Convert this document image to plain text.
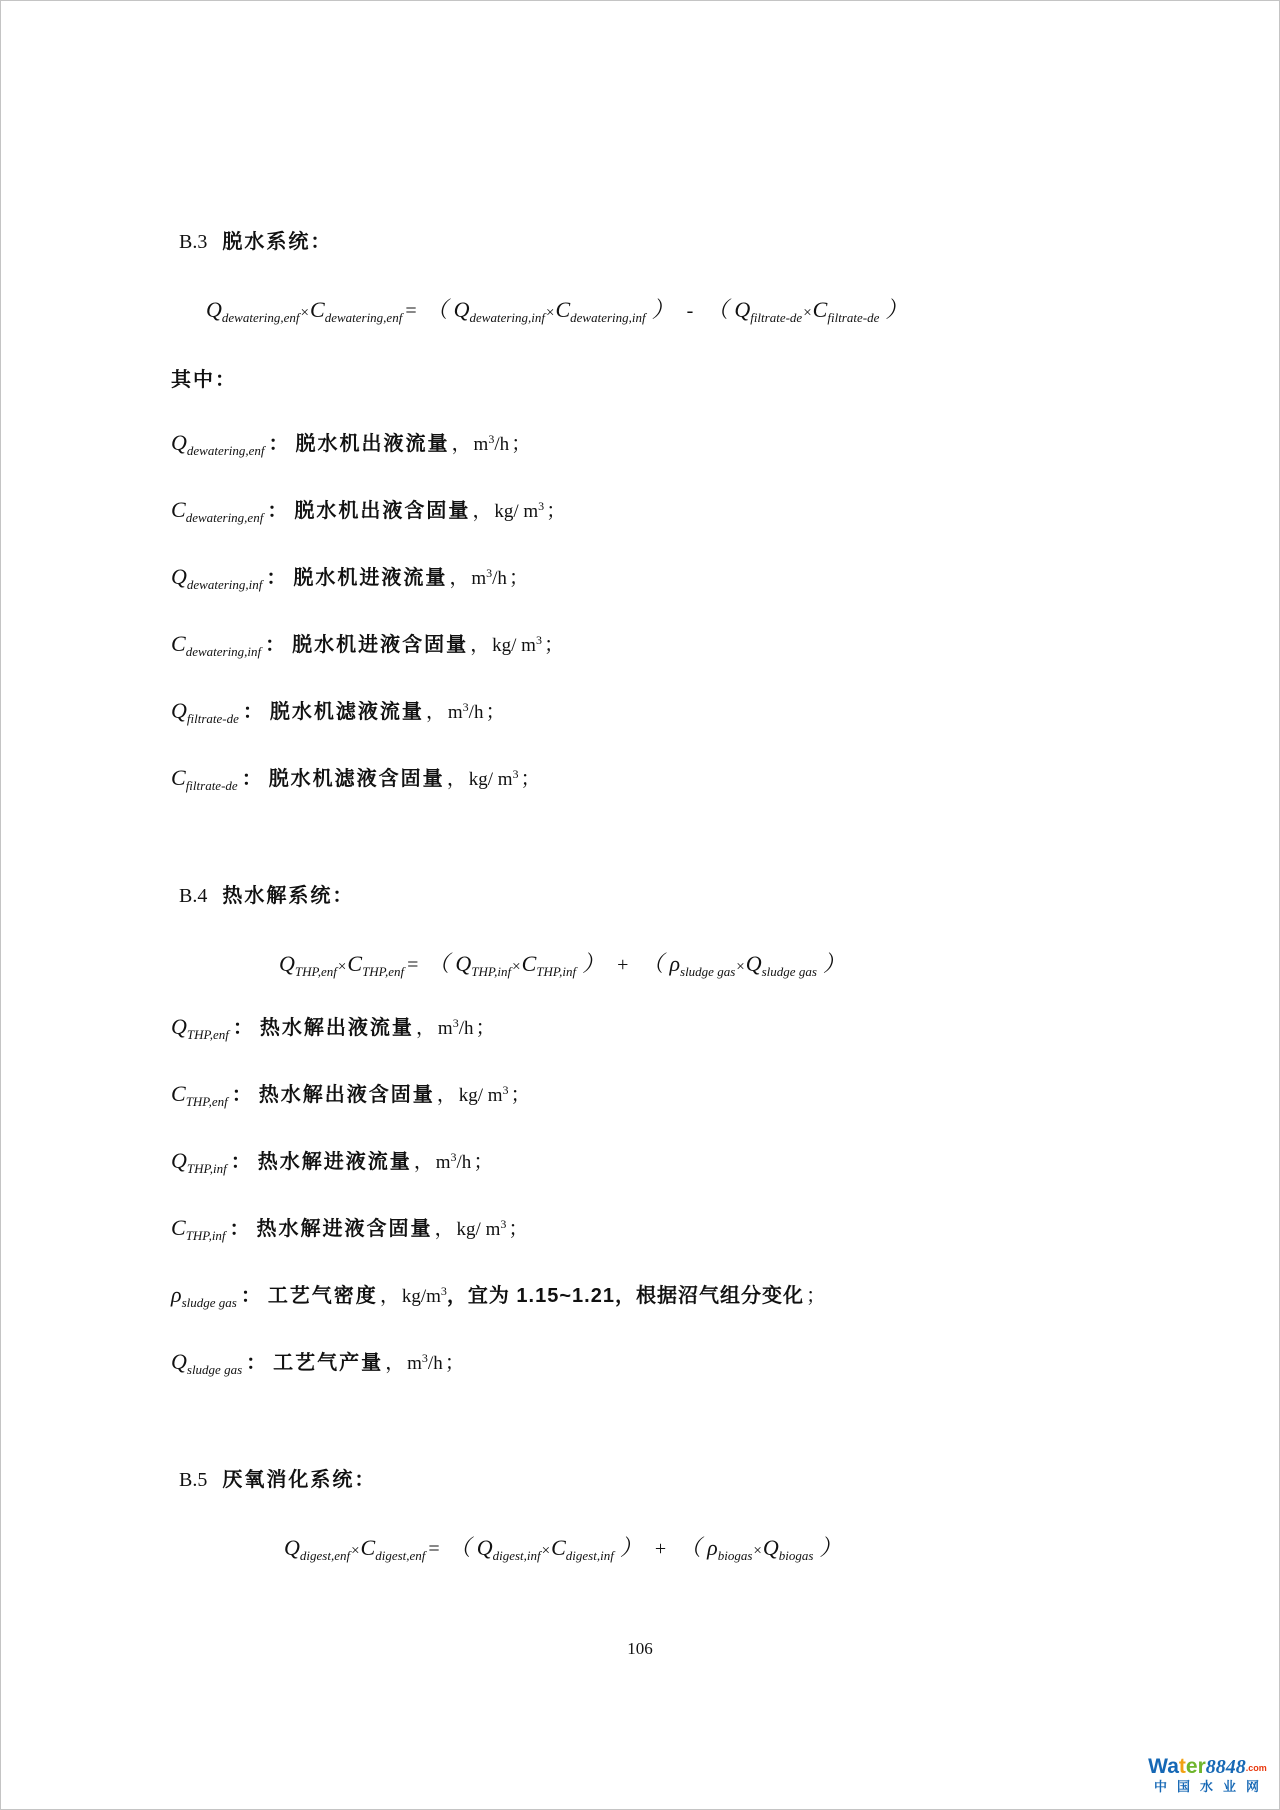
B.3 脱水系统：
$Q_{dewatering,enf}\times C_{dewatering,enf}$ = （ $Q_{dewatering,inf}\times C_{dewatering,inf}$ ） - （ $Q_{filtrate-de}\times C_{filtrate-de}$ ）
其中：
$Q_{dewatering,enf}$ ： 脱水机出液流量 ， $m^3/h$ ；
$C_{dewatering,enf}$ ： 脱水机出液含固量 ， kg/ $m^3$ ；
$Q_{dewatering,inf}$ ： 脱水机进液流量 ， $m^3/h$ ；
$C_{dewatering,inf}$ ： 脱水机进液含固量 ， kg/ $m^3$ ；
$Q_{filtrate-de}$ ： 脱水机滤液流量 ， $m^3/h$ ；
$C_{filtrate-de}$ ： 脱水机滤液含固量 ， kg/ $m^3$ ；
B.4 热水解系统：
$Q_{THP,enf}\times C_{THP,enf}$ = （ $Q_{THP,inf}\times C_{THP,inf}$ ） + （ $\rho_{sludge gas}\times Q_{sludge gas}$ ）
$Q_{THP,enf}$ ： 热水解出液流量 ， $m^3/h$ ；
$C_{THP,enf}$ ： 热水解出液含固量 ， kg/ $m^3$ ；
$Q_{THP,inf}$ ： 热水解进液流量 ， $m^3/h$ ；
$C_{THP,inf}$ ： 热水解进液含固量 ， kg/ $m^3$ ；
$\rho_{sludge gas}$ ： 工艺气密度 ， $kg/m^3$，宜为 1.15~1.21，根据沼气组分变化 ；
$Q_{sludge gas}$ ： 工艺气产量 ， $m^3/h$ ；
B.5 厌氧消化系统：
$Q_{digest,enf}\times C_{digest,enf}$ = （ $Q_{digest,inf}\times C_{digest,inf}$ ） + （ $\rho_{biogas}\times Q_{biogas}$ ）
106
Water8848.com
中国水业网
